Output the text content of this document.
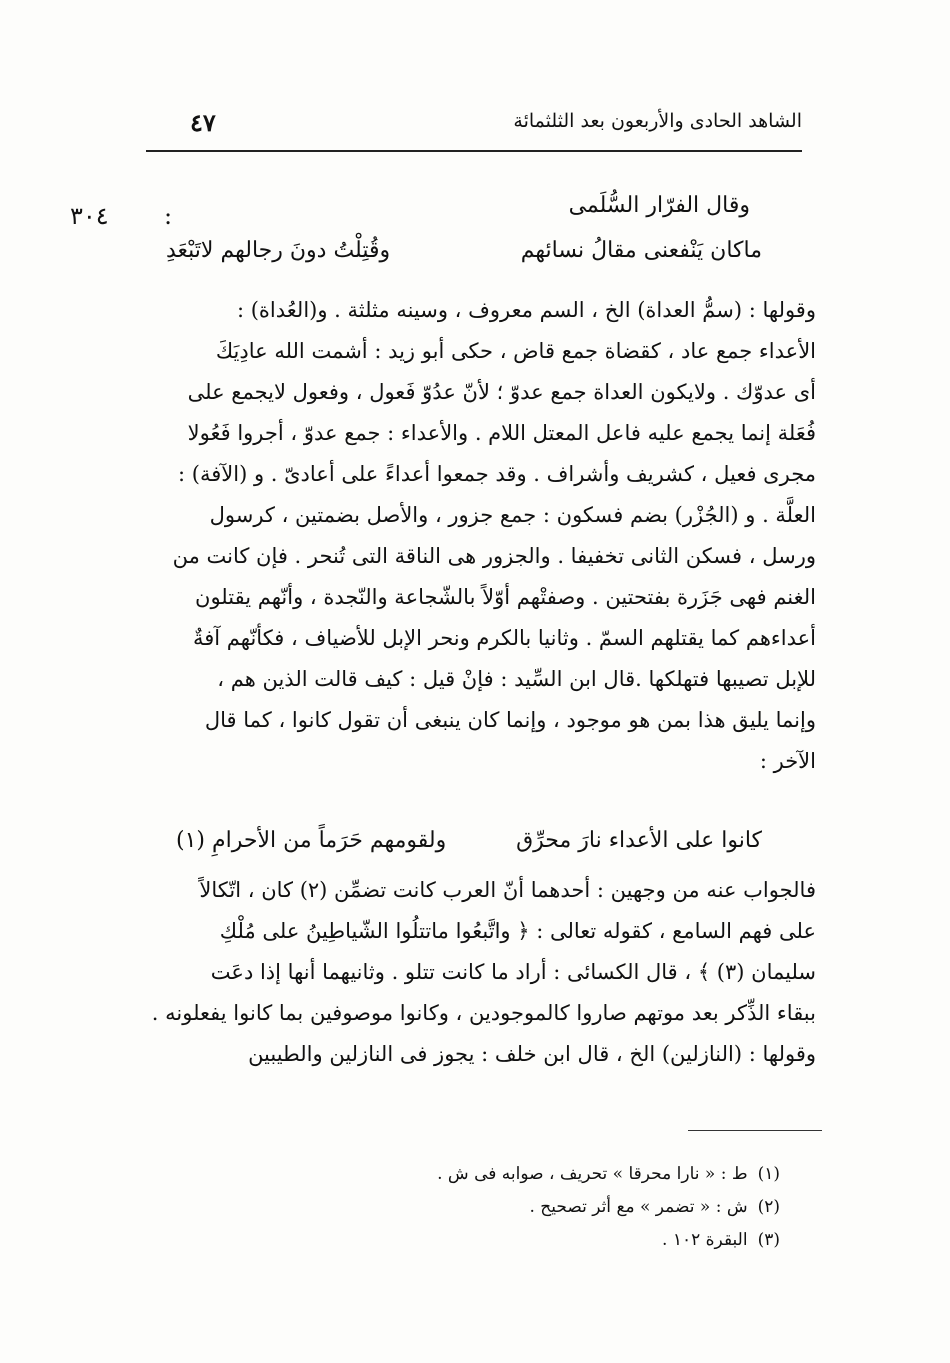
الشاهد الحادى والأربعون بعد الثلثمائة
٤٧
٣٠٤ :	وقال الفرّار السُّلَمى
ماكان يَنْفعنى مقالُ نسائهم
وقُتِلْتُ دونَ رجالهم لاتَبْعَدِ
وقولها : (سمُّ العداة) الخ ، السم معروف ، وسينه مثلثة . و(العُداة) :
الأعداء جمع عاد ، كقضاة جمع قاض ، حكى أبو زيد : أشمت الله عادِيَكَ
أى عدوّك . ولايكون العداة جمع عدوّ ؛ لأنّ عدُوّ فَعول ، وفعول لايجمع على
فُعَلة إنما يجمع عليه فاعل المعتل اللام . والأعداء : جمع عدوّ ، أجروا فَعُولا
مجرى فعيل ، كشريف وأشراف . وقد جمعوا أعداءً على أعادىّ . و (الآفة) :
العلَّة . و (الجُزْر) بضم فسكون : جمع جزور ، والأصل بضمتين ، كرسول
ورسل ، فسكن الثانى تخفيفا . والجزور هى الناقة التى تُنحر . فإن كانت من
الغنم فهى جَزَرة بفتحتين . وصفتْهم أوّلاً بالشّجاعة والنّجدة ، وأنّهم يقتلون
أعداءهم كما يقتلهم السمّ . وثانيا بالكرم ونحر الإبل للأضياف ، فكأنّهم آفةٌ
للإبل تصيبها فتهلكها .قال ابن السِّيد : فإنْ قيل : كيف قالت الذين هم ،
وإنما يليق هذا بمن هو موجود ، وإنما كان ينبغى أن تقول كانوا ، كما قال
الآخر :
كانوا على الأعداء نارَ محرِّق
ولقومهم حَرَماً من الأحرامِ (١)
فالجواب عنه من وجهين : أحدهما أنّ العرب كانت تضمِّن (٢) كان ، اتّكالاً
على فهم السامع ، كقوله تعالى : ﴿ واتَّبعُوا ماتتلُوا الشّياطِينُ على مُلْكِ
سليمان (٣) ﴾ ، قال الكسائى : أراد ما كانت تتلو . وثانيهما أنها إذا دعَت
ببقاء الذِّكر بعد موتهم صاروا كالموجودين ، وكانوا موصوفين بما كانوا يفعلونه .
وقولها : (النازلين) الخ ، قال ابن خلف : يجوز فى النازلين والطيبين
(١)ط : « نارا محرقا » تحريف ، صوابه فى ش .
(٢)ش : « تضمر » مع أثر تصحيح .
(٣)البقرة ١٠٢ .
